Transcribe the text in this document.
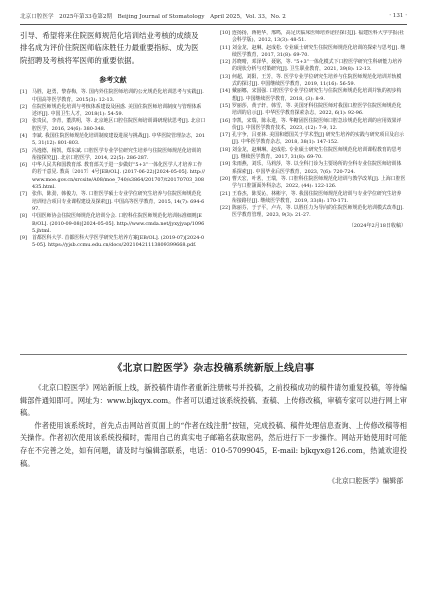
北京口腔医学　2025年第33卷第2期　Beijing Journal of Stomatology　April 2025，Vol. 33，No. 2	· 131 ·

引导、希望将来住院医师规范化培训结业考核的成绩及排名成为评价住院医师临床胜任力最重要指标、成为医院招聘及考核将军医师的重要依据。

参考文献
[1]	马胜，赵勇，黎春梅，等. 国内外住院医师培训的公允规范化培训思考与实践[J]. 中国高等医学教育，2015(3): 12-13.
[2]	住院医师规范化培训与考核体系建设及困惑. 美国住院医师培训制度与管理体系述评[J]. 中国卫生人才，2018(1): 54-59.
[3]	张贵民，李青，董洪明，等. 北京地区口腔住院医师培训调研现状思考[J]. 北京口腔医学，2016, 24(6): 380-348.
[4]	李斌. 我国住院医师规范化培训制度建设进展与挑战[J]. 中华医院管理杂志，2015, 31(12): 801-803.
[5]	冯逸德，杨凯，郑东斌. 口腔医学专业学位研究生培养与住院医师规范化培训的衔接探究[J]. 北京口腔医学，2014, 22(5): 286-287.
[6]	中华人民共和国教育部. 教育部关于进一步做好“5+3”一体化医学人才培养工作的若干意见. 教高〔2017〕4号[EB/OL]. (2017-06-22)[2024-05-05]. http://www.moe.gov.cn/srcsite/A08/moe_740/s3864/201707/t20170703_308435.html.
[7]	张伟，陈劲，韩俊力，等. 口腔医学硕士专业学位研究生培养与住院医师规范化培训结合项目专业课程建设及探索[J]. 中国高等医学教育，2015, 14(7): 694-697.
[8]	中国医师协会住院医师规范化培训分会. 口腔科住院医师规范化培训标准细则[EB/OL]. (2010-09-08)[2024-05-05]. http://www.cmda.net/jyxyjyap/10965.jhtml.
[9]	首都医科大学. 首都医科大学医学研究生培养方案[EB/OL]. (2019-07)[2024-05-05]. https://yjsb.ccmu.edu.cn/docs/20210421113809399668.pdf.
[10] 连扬扬，蒋艳华，邢鸣，高足庆临床医师培养途径探讨[J]. 福建医科大学学报(社会科学版)，2012, 13(3): 48-51.
[11] 刘金龙，赵琳，赵成松. 专业硕士研究生住院医师规范化培训的探索与思考[J]. 继续医学教育，2017, 31(8): 69-70.
[12] 苏晓晴，邓泽华，聂铭，等. “5+3”一体化模式下口腔医学研究生科研能力培养的现状分析与对策研究[J]. 卫生职业教育，2021, 39(8): 12-13.
[13] 何超，刘阳，王芳，等. 医学专业学位研究生培养与住院医师规范化培训并轨模式的探讨[J]. 中国继续医学教育，2019, 11(16): 56-59.
[14] 戴丽娜，宋国强. 口腔医学专业学位研究生与住院医师规范化培训并轨的初步构想[J]. 中国继续医学教育，2018, (3): 8-9.
[15] 罗丽莎，黄子轩，韩雪，等. 美国牙科住院医师对我国口腔医学住院医师规范化培训的启示[J]. 中华医学教育探索杂志，2022, 6(1): 92-96.
[16] 李凯，宋瑞，陈永进，等. 华糖固医住院医师口腔急诊规范化培训的应用效果评价[J]. 中国医学教育技术，2023, (12): 7-9, 12.
[17] 孔宇争，吕亚林. 美国和德国关于学术型[J] 研究生培养的实践与研究项目及启示[J]. 中华医学教育杂志，2018, 38(1): 147-152.
[18] 刘金龙，赵琳琳，赵成松. 专业硕士研究生住院医师规范化培训课程教育的思考[J]. 继续医学教育，2017, 31(8): 69-70.
[19] 朱雨燕，刘乐，马莉莎，等. 以全科门诊为主要场所的全科专业住院医师培训体系探索[J]. 中国毕业后医学教育，2023, 7(6): 720-724.
[20] 曹天宏，叶茗，王瑞，等. 口腔科住院医师规范化培训与教学改革[J]. 上海口腔医学与口腔颌面外科杂志，2022, (44): 122-126.
[21] 王春杰，陈雯沁，林彬宇，等. 我国住院医师规范化培训与专业学位研究生培养衔接路径[J]. 继续医学教育，2019, 33(8): 170-171.
[22] 陈丽芬，于子平，卢卉，等. 以胜任力为导向的住院医师规范化培训模式改革[J]. 医学教育管理，2023, 9(3): 21-27.
（2024年2月18日收稿）
《北京口腔医学》杂志投稿系统新版上线启事

《北京口腔医学》网站新版上线，新投稿件请作者重新注册帐号并投稿，之前投稿成功的稿件请勿重复投稿，等待编辑部件通知即可。网址为：www.bjkqyx.com。作者可以通过该系统投稿、查稿、上传修改稿，审稿专家可以进行网上审稿。

作者使用该系统时，首先点击网站首页面上的“作者在线注册”按钮，完成投稿、稿件处理信息查询、上传修改稿等相关操作。作者初次使用该系统投稿时，需用自己的真实电子邮箱名获取密码，然后进行下一步操作。网站开始使用时可能存在不完善之处，如有问题，请及时与编辑部联系，电话：010-57099045，E-mail: bjkqyx@126.com，热诚欢迎投稿。

《北京口腔医学》编辑部
